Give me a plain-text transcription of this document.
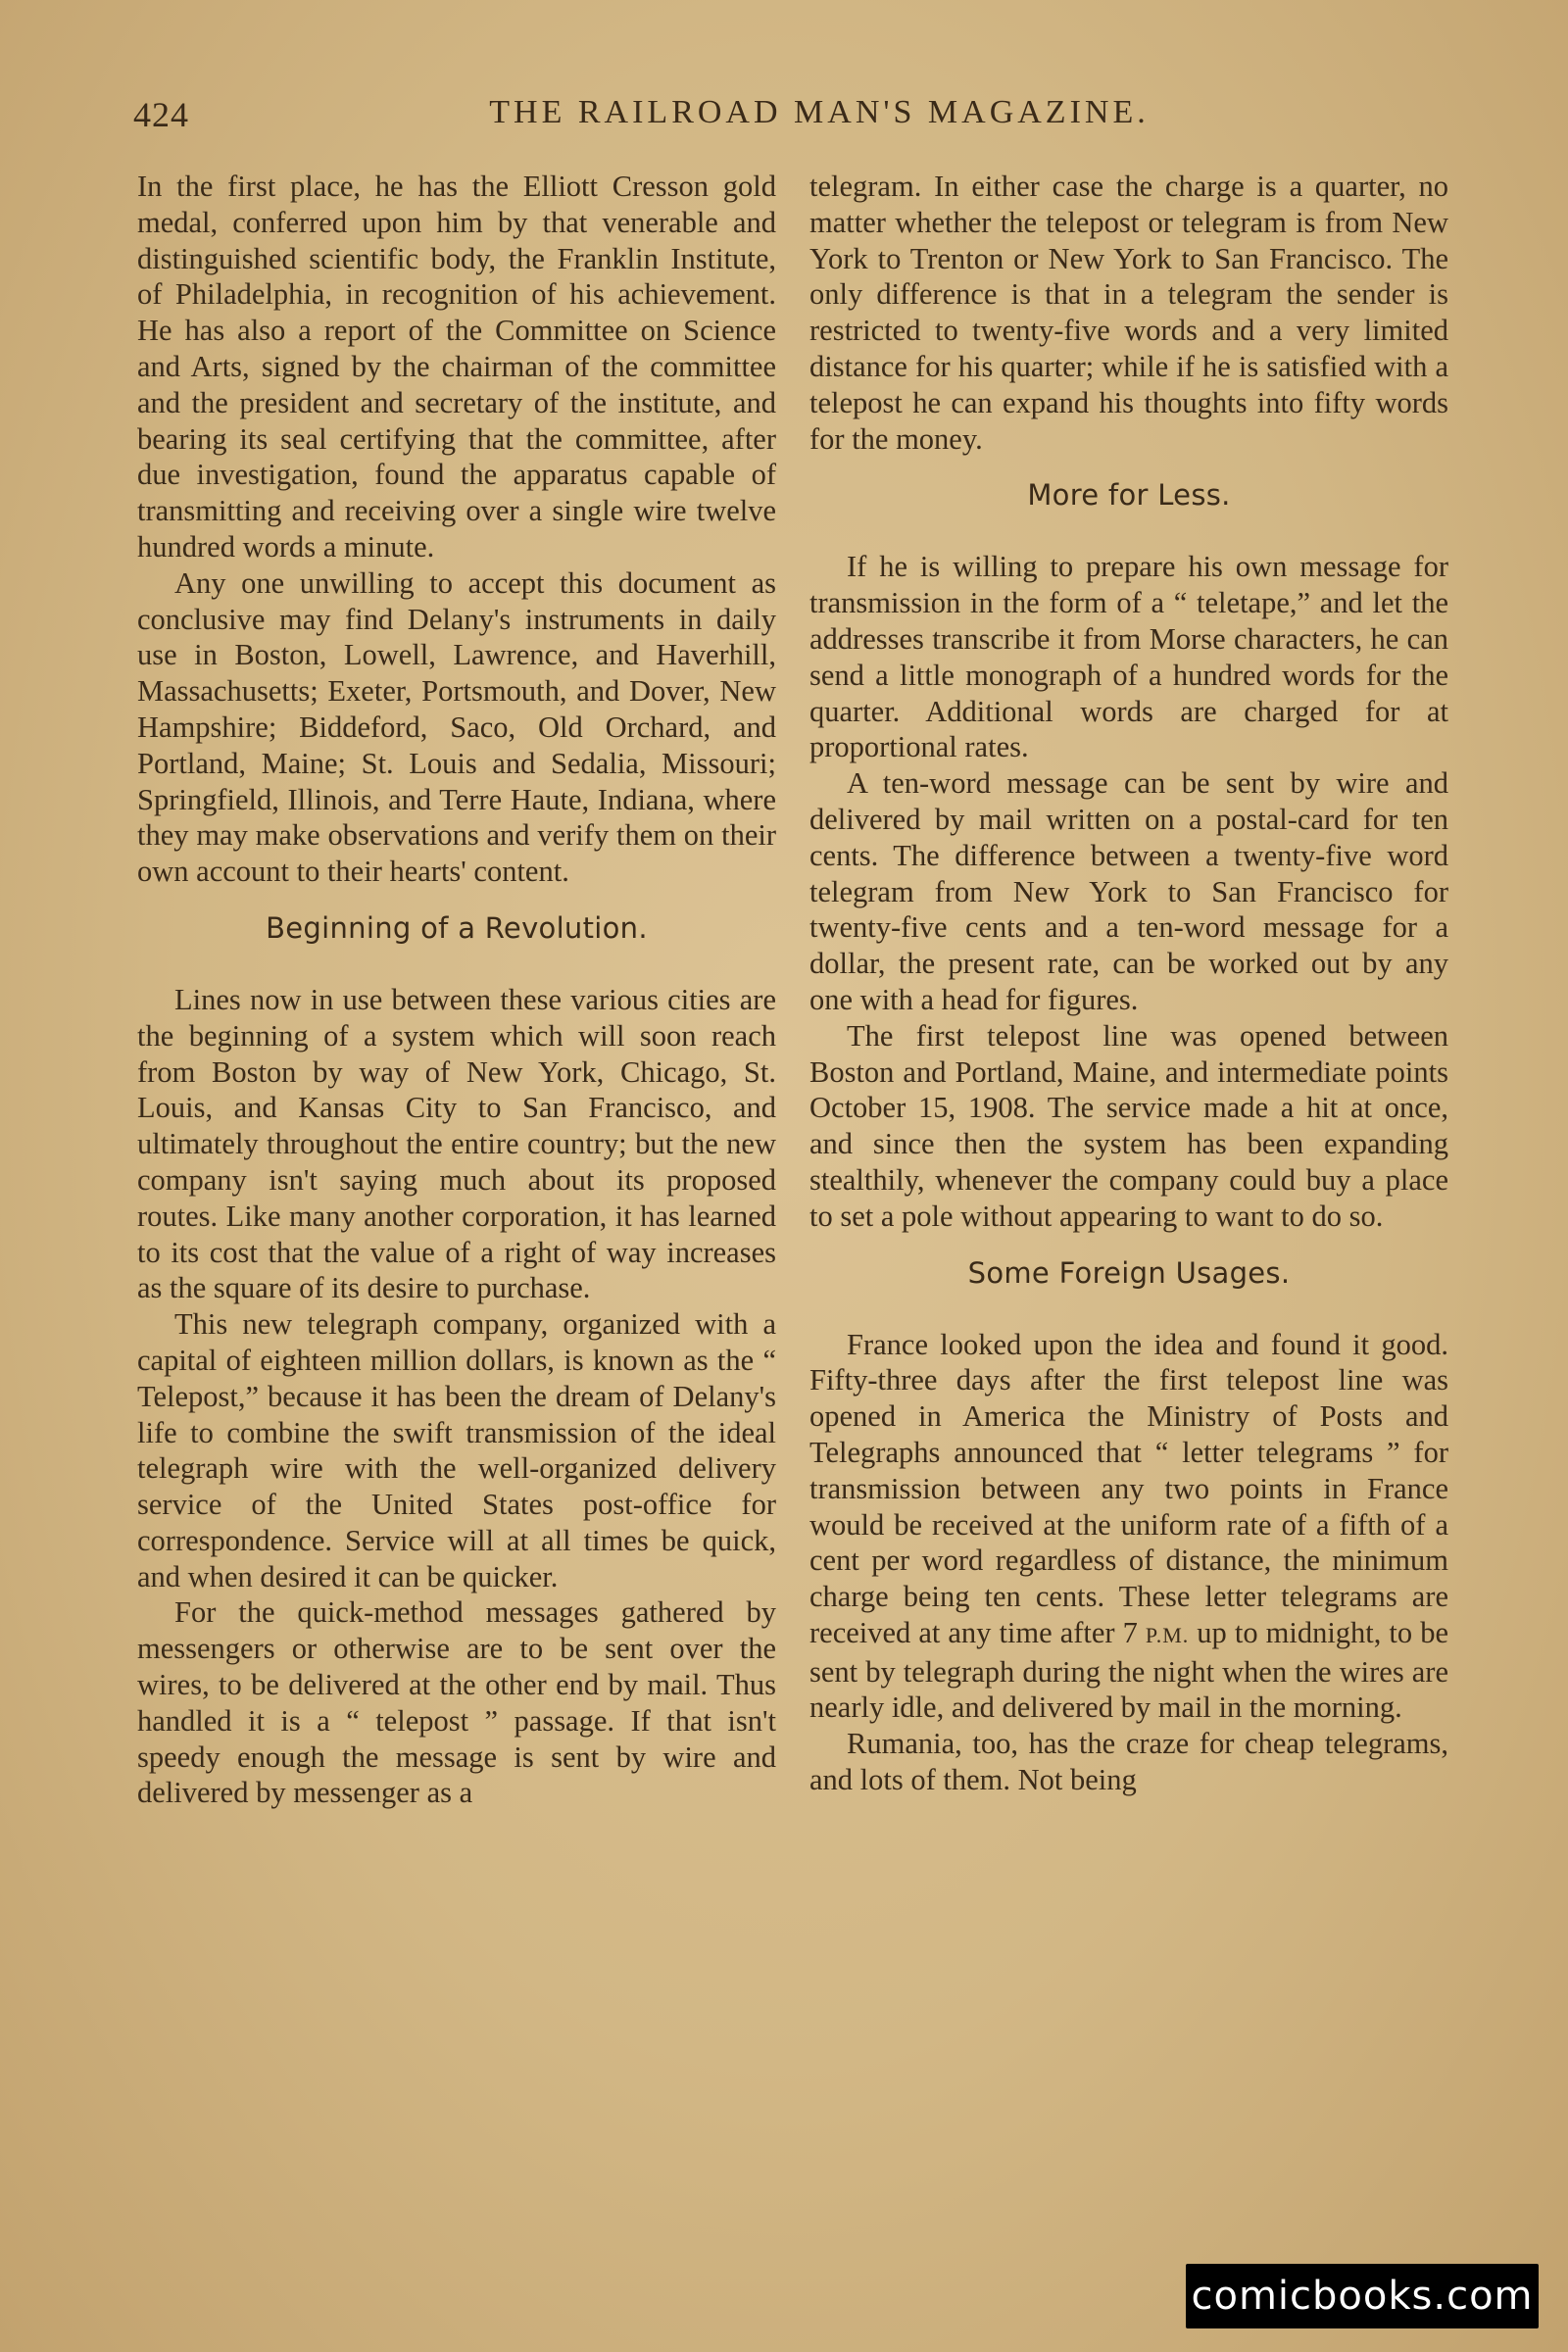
424	THE RAILROAD MAN'S MAGAZINE.

In the first place, he has the Elliott Cresson gold medal, conferred upon him by that venerable and distinguished scientific body, the Franklin Institute, of Philadelphia, in recognition of his achievement. He has also a report of the Committee on Science and Arts, signed by the chairman of the committee and the president and secretary of the institute, and bearing its seal certifying that the committee, after due investigation, found the apparatus capable of transmitting and receiving over a single wire twelve hundred words a minute.

Any one unwilling to accept this document as conclusive may find Delany's instruments in daily use in Boston, Lowell, Lawrence, and Haverhill, Massachusetts; Exeter, Portsmouth, and Dover, New Hampshire; Biddeford, Saco, Old Orchard, and Portland, Maine; St. Louis and Sedalia, Missouri; Springfield, Illinois, and Terre Haute, Indiana, where they may make observations and verify them on their own account to their hearts' content.

Beginning of a Revolution.

Lines now in use between these various cities are the beginning of a system which will soon reach from Boston by way of New York, Chicago, St. Louis, and Kansas City to San Francisco, and ultimately throughout the entire country; but the new company isn't saying much about its proposed routes. Like many another corporation, it has learned to its cost that the value of a right of way increases as the square of its desire to purchase.

This new telegraph company, organized with a capital of eighteen million dollars, is known as the “ Telepost,” because it has been the dream of Delany's life to combine the swift transmission of the ideal telegraph wire with the well-organized delivery service of the United States post-office for correspondence. Service will at all times be quick, and when desired it can be quicker.

For the quick-method messages gathered by messengers or otherwise are to be sent over the wires, to be delivered at the other end by mail. Thus handled it is a “ telepost ” passage. If that isn't speedy enough the message is sent by wire and delivered by messenger as a

telegram. In either case the charge is a quarter, no matter whether the telepost or telegram is from New York to Trenton or New York to San Francisco. The only difference is that in a telegram the sender is restricted to twenty-five words and a very limited distance for his quarter; while if he is satisfied with a telepost he can expand his thoughts into fifty words for the money.

More for Less.

If he is willing to prepare his own message for transmission in the form of a “ teletape,” and let the addresses transcribe it from Morse characters, he can send a little monograph of a hundred words for the quarter. Additional words are charged for at proportional rates.

A ten-word message can be sent by wire and delivered by mail written on a postal-card for ten cents. The difference between a twenty-five word telegram from New York to San Francisco for twenty-five cents and a ten-word message for a dollar, the present rate, can be worked out by any one with a head for figures.

The first telepost line was opened between Boston and Portland, Maine, and intermediate points October 15, 1908. The service made a hit at once, and since then the system has been expanding stealthily, whenever the company could buy a place to set a pole without appearing to want to do so.

Some Foreign Usages.

France looked upon the idea and found it good. Fifty-three days after the first telepost line was opened in America the Ministry of Posts and Telegraphs announced that “ letter telegrams ” for transmission between any two points in France would be received at the uniform rate of a fifth of a cent per word regardless of distance, the minimum charge being ten cents. These letter telegrams are received at any time after 7 P.M. up to midnight, to be sent by telegraph during the night when the wires are nearly idle, and delivered by mail in the morning.

Rumania, too, has the craze for cheap telegrams, and lots of them. Not being

comicbooks.com
